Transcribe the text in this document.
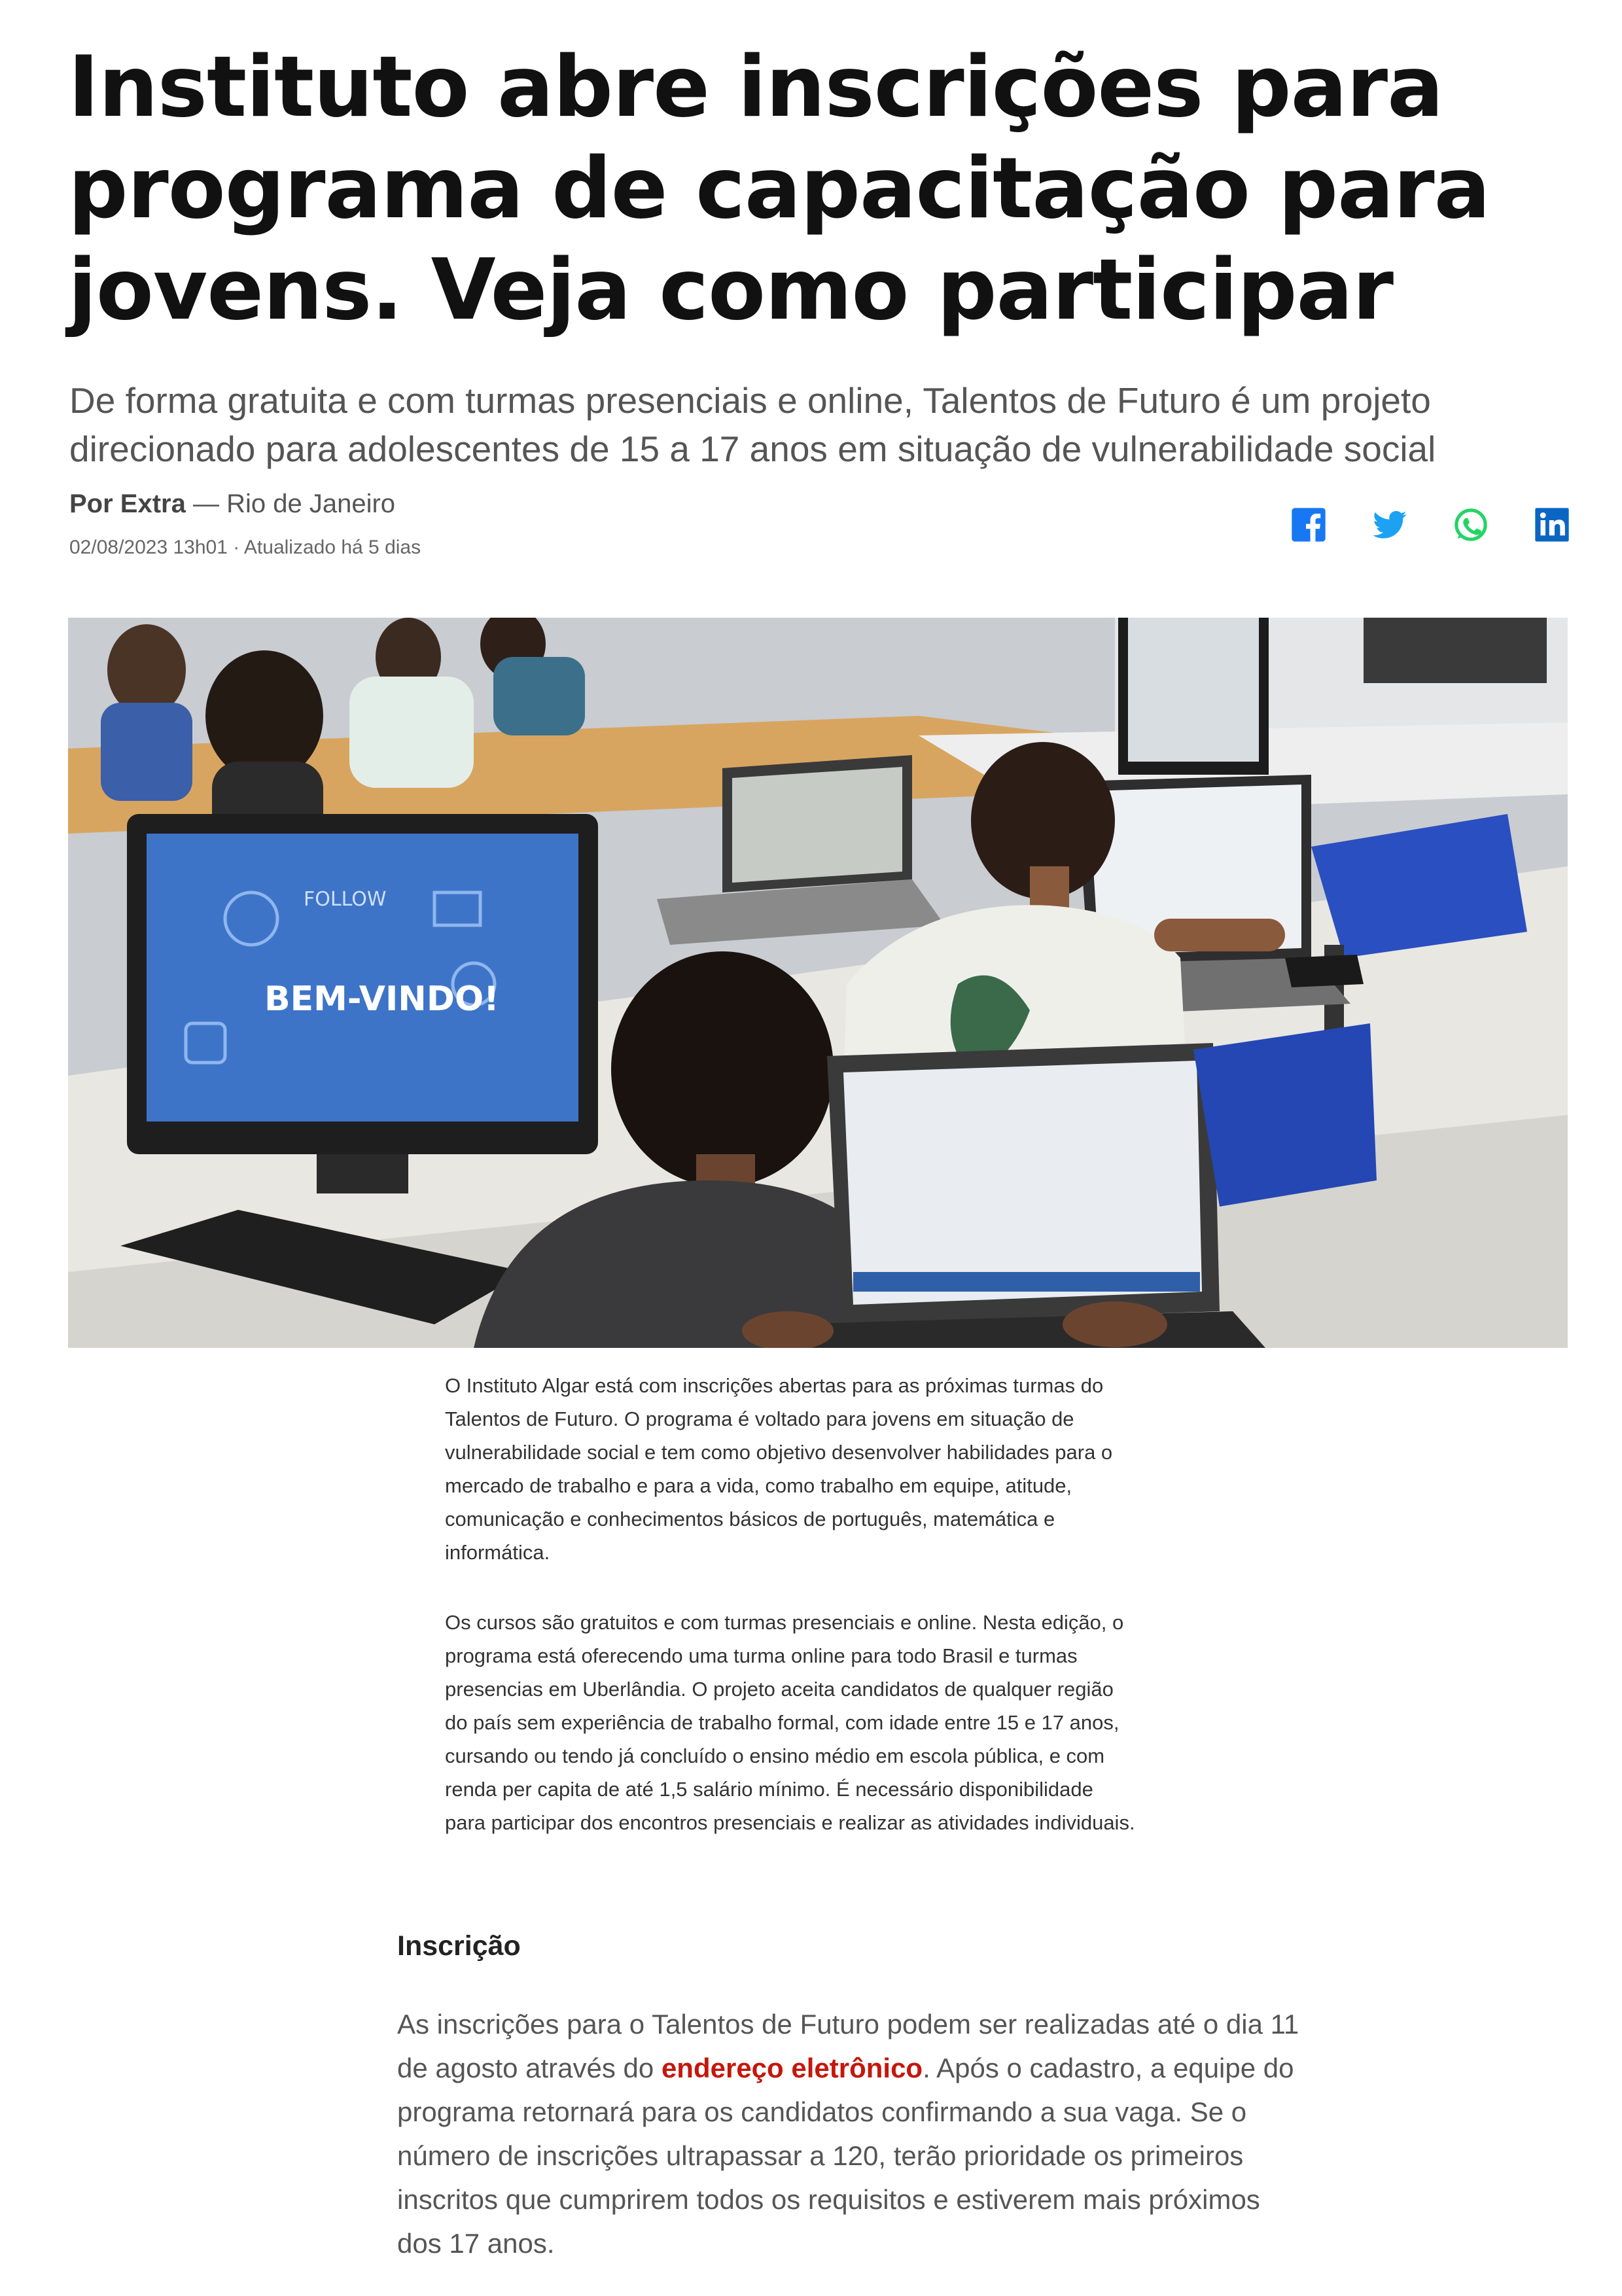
Instituto abre inscrições para programa de capacitação para jovens. Veja como participar

De forma gratuita e com turmas presenciais e online, Talentos de Futuro é um projeto direcionado para adolescentes de 15 a 17 anos em situação de vulnerabilidade social

Por Extra — Rio de Janeiro
02/08/2023 13h01 · Atualizado há 5 dias
BEM-VINDO!
FOLLOW

O Instituto Algar está com inscrições abertas para as próximas turmas do Talentos de Futuro. O programa é voltado para jovens em situação de vulnerabilidade social e tem como objetivo desenvolver habilidades para o mercado de trabalho e para a vida, como trabalho em equipe, atitude, comunicação e conhecimentos básicos de português, matemática e informática.

Os cursos são gratuitos e com turmas presenciais e online. Nesta edição, o programa está oferecendo uma turma online para todo Brasil e turmas presencias em Uberlândia. O projeto aceita candidatos de qualquer região do país sem experiência de trabalho formal, com idade entre 15 e 17 anos, cursando ou tendo já concluído o ensino médio em escola pública, e com renda per capita de até 1,5 salário mínimo. É necessário disponibilidade para participar dos encontros presenciais e realizar as atividades individuais.

Inscrição

As inscrições para o Talentos de Futuro podem ser realizadas até o dia 11 de agosto através do endereço eletrônico. Após o cadastro, a equipe do programa retornará para os candidatos confirmando a sua vaga. Se o número de inscrições ultrapassar a 120, terão prioridade os primeiros inscritos que cumprirem todos os requisitos e estiverem mais próximos dos 17 anos.
